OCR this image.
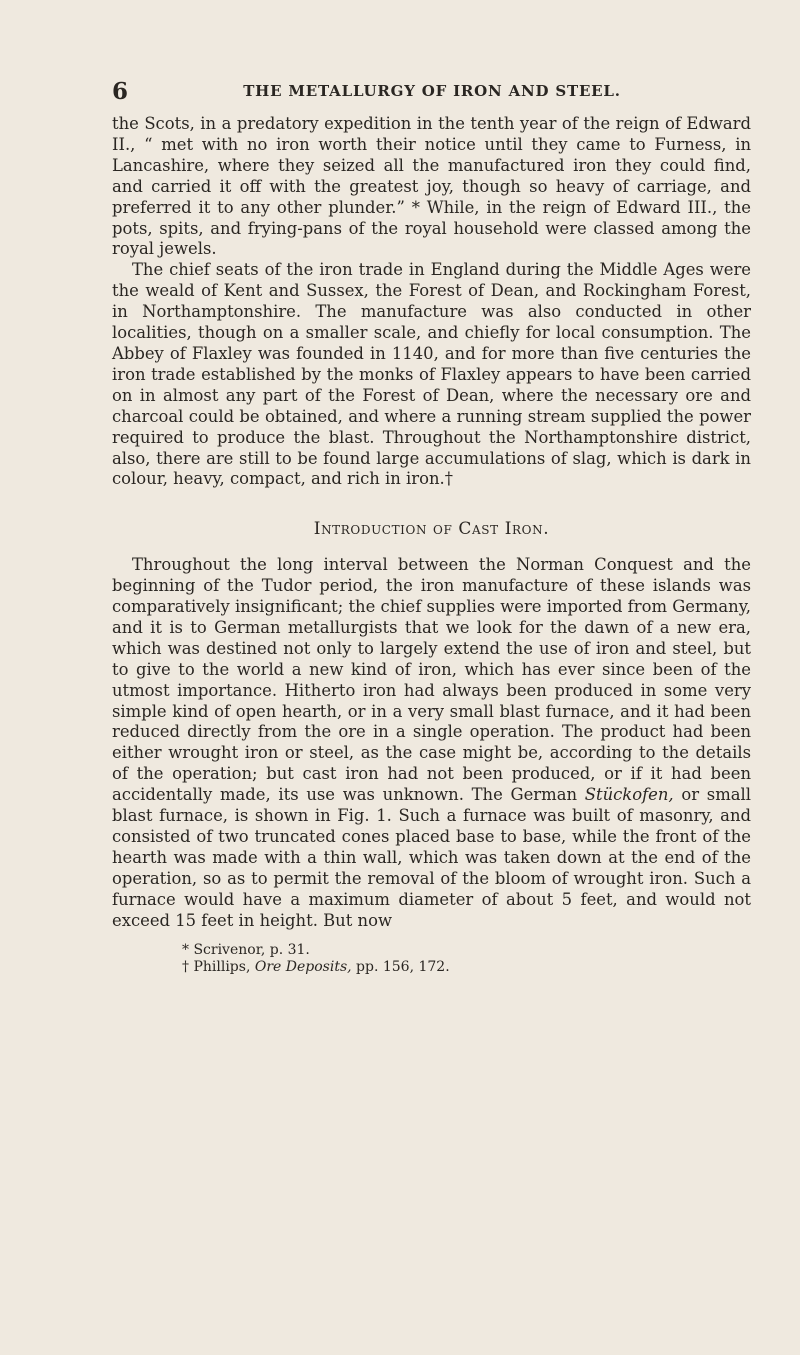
6	THE METALLURGY OF IRON AND STEEL.

the Scots, in a predatory expedition in the tenth year of the reign of Edward II., “ met with no iron worth their notice until they came to Furness, in Lancashire, where they seized all the manufactured iron they could find, and carried it off with the greatest joy, though so heavy of carriage, and preferred it to any other plunder.” * While, in the reign of Edward III., the pots, spits, and frying-pans of the royal household were classed among the royal jewels.

The chief seats of the iron trade in England during the Middle Ages were the weald of Kent and Sussex, the Forest of Dean, and Rockingham Forest, in Northamptonshire. The manufacture was also conducted in other localities, though on a smaller scale, and chiefly for local consumption. The Abbey of Flaxley was founded in 1140, and for more than five centuries the iron trade established by the monks of Flaxley appears to have been carried on in almost any part of the Forest of Dean, where the necessary ore and charcoal could be obtained, and where a running stream supplied the power required to produce the blast. Throughout the Northamptonshire district, also, there are still to be found large accumulations of slag, which is dark in colour, heavy, compact, and rich in iron.†

Introduction of Cast Iron.

Throughout the long interval between the Norman Conquest and the beginning of the Tudor period, the iron manufacture of these islands was comparatively insignificant; the chief supplies were imported from Germany, and it is to German metallurgists that we look for the dawn of a new era, which was destined not only to largely extend the use of iron and steel, but to give to the world a new kind of iron, which has ever since been of the utmost importance. Hitherto iron had always been produced in some very simple kind of open hearth, or in a very small blast furnace, and it had been reduced directly from the ore in a single operation. The product had been either wrought iron or steel, as the case might be, according to the details of the operation; but cast iron had not been produced, or if it had been accidentally made, its use was unknown. The German Stückofen, or small blast furnace, is shown in Fig. 1. Such a furnace was built of masonry, and consisted of two truncated cones placed base to base, while the front of the hearth was made with a thin wall, which was taken down at the end of the operation, so as to permit the removal of the bloom of wrought iron. Such a furnace would have a maximum diameter of about 5 feet, and would not exceed 15 feet in height. But now

* Scrivenor, p. 31.
† Phillips, Ore Deposits, pp. 156, 172.
